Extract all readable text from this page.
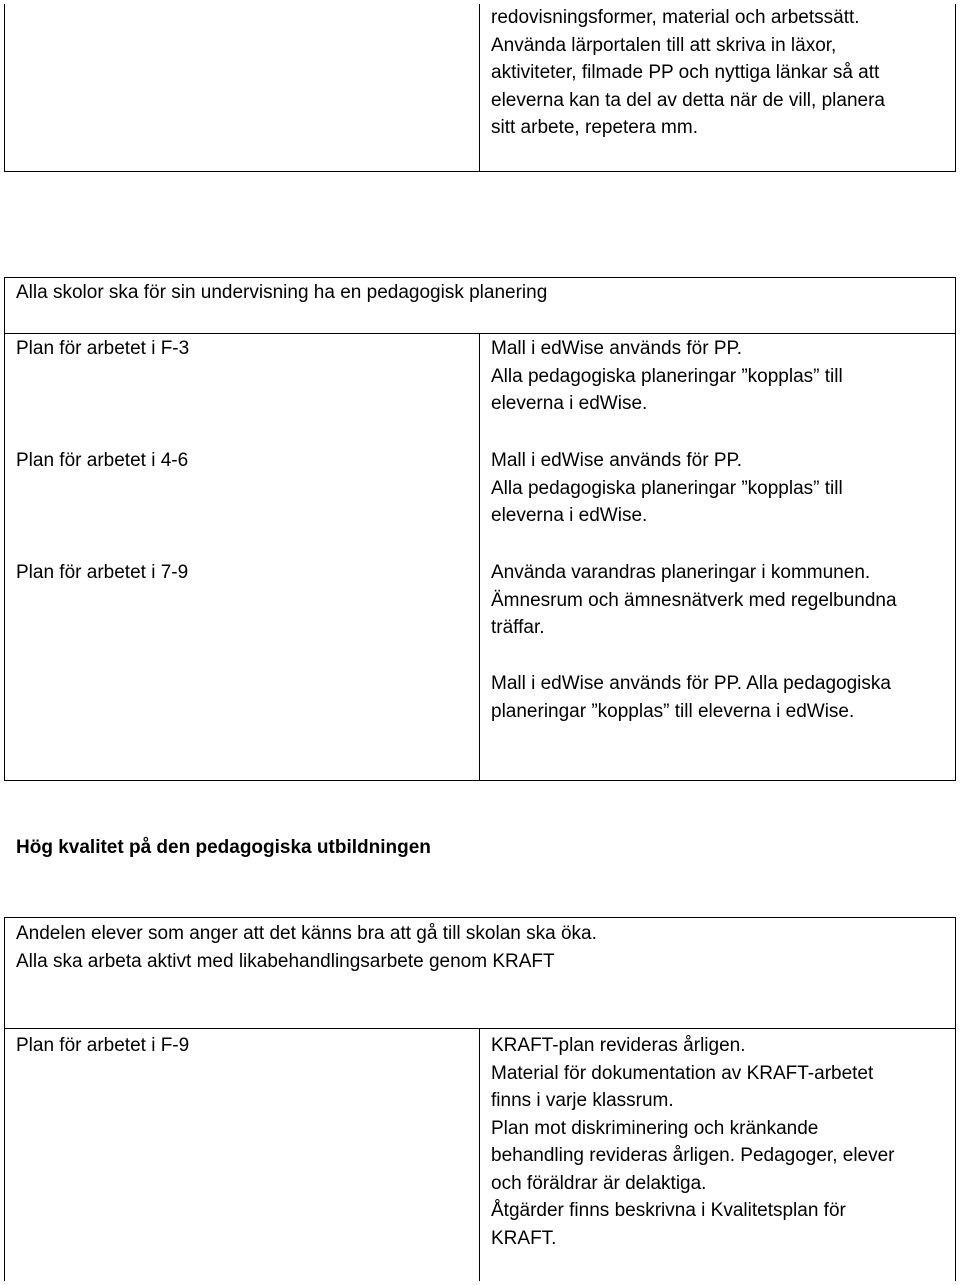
redovisningsformer, material och arbetssätt.
Använda lärportalen till att skriva in läxor,
aktiviteter, filmade PP och nyttiga länkar så att
eleverna kan ta del av detta när de vill, planera
sitt arbete, repetera mm.
Alla skolor ska för sin undervisning ha en pedagogisk planering
Plan för arbetet i F-3	Mall i edWise används för PP.
Alla pedagogiska planeringar ”kopplas” till
eleverna i edWise.
Plan för arbetet i 4-6	Mall i edWise används för PP.
Alla pedagogiska planeringar ”kopplas” till
eleverna i edWise.
Plan för arbetet i 7-9	Använda varandras planeringar i kommunen.
Ämnesrum och ämnesnätverk med regelbundna
träffar.
Mall i edWise används för PP. Alla pedagogiska
planeringar ”kopplas” till eleverna i edWise.
Hög kvalitet på den pedagogiska utbildningen
Andelen elever som anger att det känns bra att gå till skolan ska öka.
Alla ska arbeta aktivt med likabehandlingsarbete genom KRAFT
Plan för arbetet i F-9	KRAFT-plan revideras årligen.
Material för dokumentation av KRAFT-arbetet
finns i varje klassrum.
Plan mot diskriminering och kränkande
behandling revideras årligen. Pedagoger, elever
och föräldrar är delaktiga.
Åtgärder finns beskrivna i Kvalitetsplan för
KRAFT.
